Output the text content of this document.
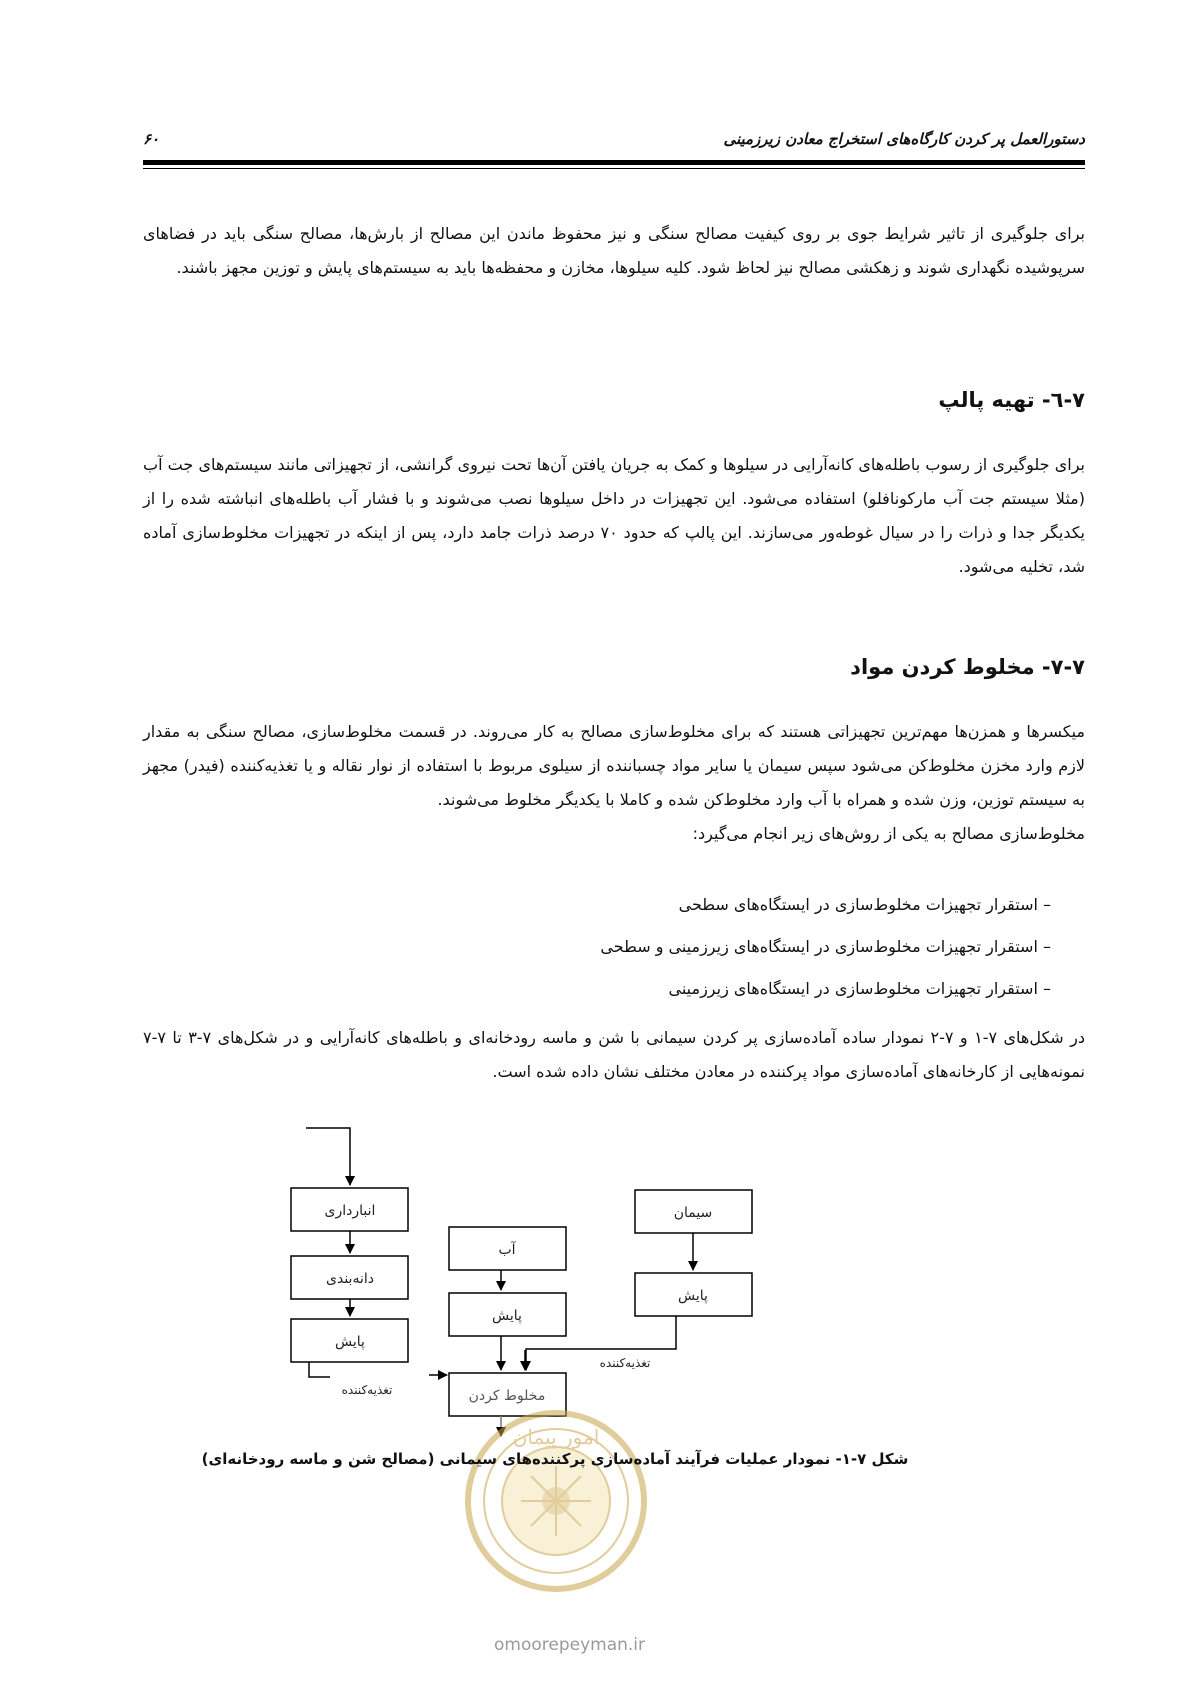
دستورالعمل پر کردن کارگاه‌های استخراج معادن زیرزمینی
۶۰
برای جلوگیری از تاثیر شرایط جوی بر روی کیفیت مصالح سنگی و نیز محفوظ ماندن این مصالح از بارش‌ها، مصالح سنگی باید در فضاهای سرپوشیده نگهداری شوند و زهکشی مصالح نیز لحاظ شود. کلیه سیلوها، مخازن و محفظه‌ها باید به سیستم‌های پایش و توزین مجهز باشند.
۷-٦- تهیه پالپ
برای جلوگیری از رسوب باطله‌های کانه‌آرایی در سیلوها و کمک به جریان یافتن آن‌ها تحت نیروی گرانشی، از تجهیزاتی مانند سیستم‌های جت آب (مثلا سیستم جت آب مارکونافلو) استفاده می‌شود. این تجهیزات در داخل سیلوها نصب می‌شوند و با فشار آب باطله‌های انباشته شده را از یکدیگر جدا و ذرات را در سیال غوطه‌ور می‌سازند. این پالپ که حدود ۷۰ درصد ذرات جامد دارد، پس از اینکه در تجهیزات مخلوط‌سازی آماده شد، تخلیه می‌شود.
۷-۷- مخلوط کردن مواد
میکسرها و همزن‌ها مهم‌ترین تجهیزاتی هستند که برای مخلوط‌سازی مصالح به کار می‌روند. در قسمت مخلوط‌سازی، مصالح سنگی به مقدار لازم وارد مخزن مخلوط‌کن می‌شود سپس سیمان یا سایر مواد چسباننده از سیلوی مربوط با استفاده از نوار نقاله و یا تغذیه‌کننده (فیدر) مجهز به سیستم توزین، وزن شده و همراه با آب وارد مخلوط‌کن شده و کاملا با یکدیگر مخلوط می‌شوند.
مخلوط‌سازی مصالح به یکی از روش‌های زیر انجام می‌گیرد:
– استقرار تجهیزات مخلوط‌سازی در ایستگاه‌های سطحی
– استقرار تجهیزات مخلوط‌سازی در ایستگاه‌های زیرزمینی و سطحی
– استقرار تجهیزات مخلوط‌سازی در ایستگاه‌های زیرزمینی
در شکل‌های ۷-۱ و ۷-۲ نمودار ساده آماده‌سازی پر کردن سیمانی با شن و ماسه رودخانه‌ای و باطله‌های کانه‌آرایی و در شکل‌های ۷-۳ تا ۷-۷ نمونه‌هایی از کارخانه‌های آماده‌سازی مواد پرکننده در معادن مختلف نشان داده شده است.
انبارداری
دانه‌بندی
پایش
تغذیه‌کننده
آب
پایش
مخلوط کردن
تغذیه‌کننده
سیمان
پایش
امور پیمان
شکل ۷-۱- نمودار عملیات فرآیند آماده‌سازی پرکننده‌های سیمانی (مصالح شن و ماسه رودخانه‌ای)
omoorepeyman.ir
